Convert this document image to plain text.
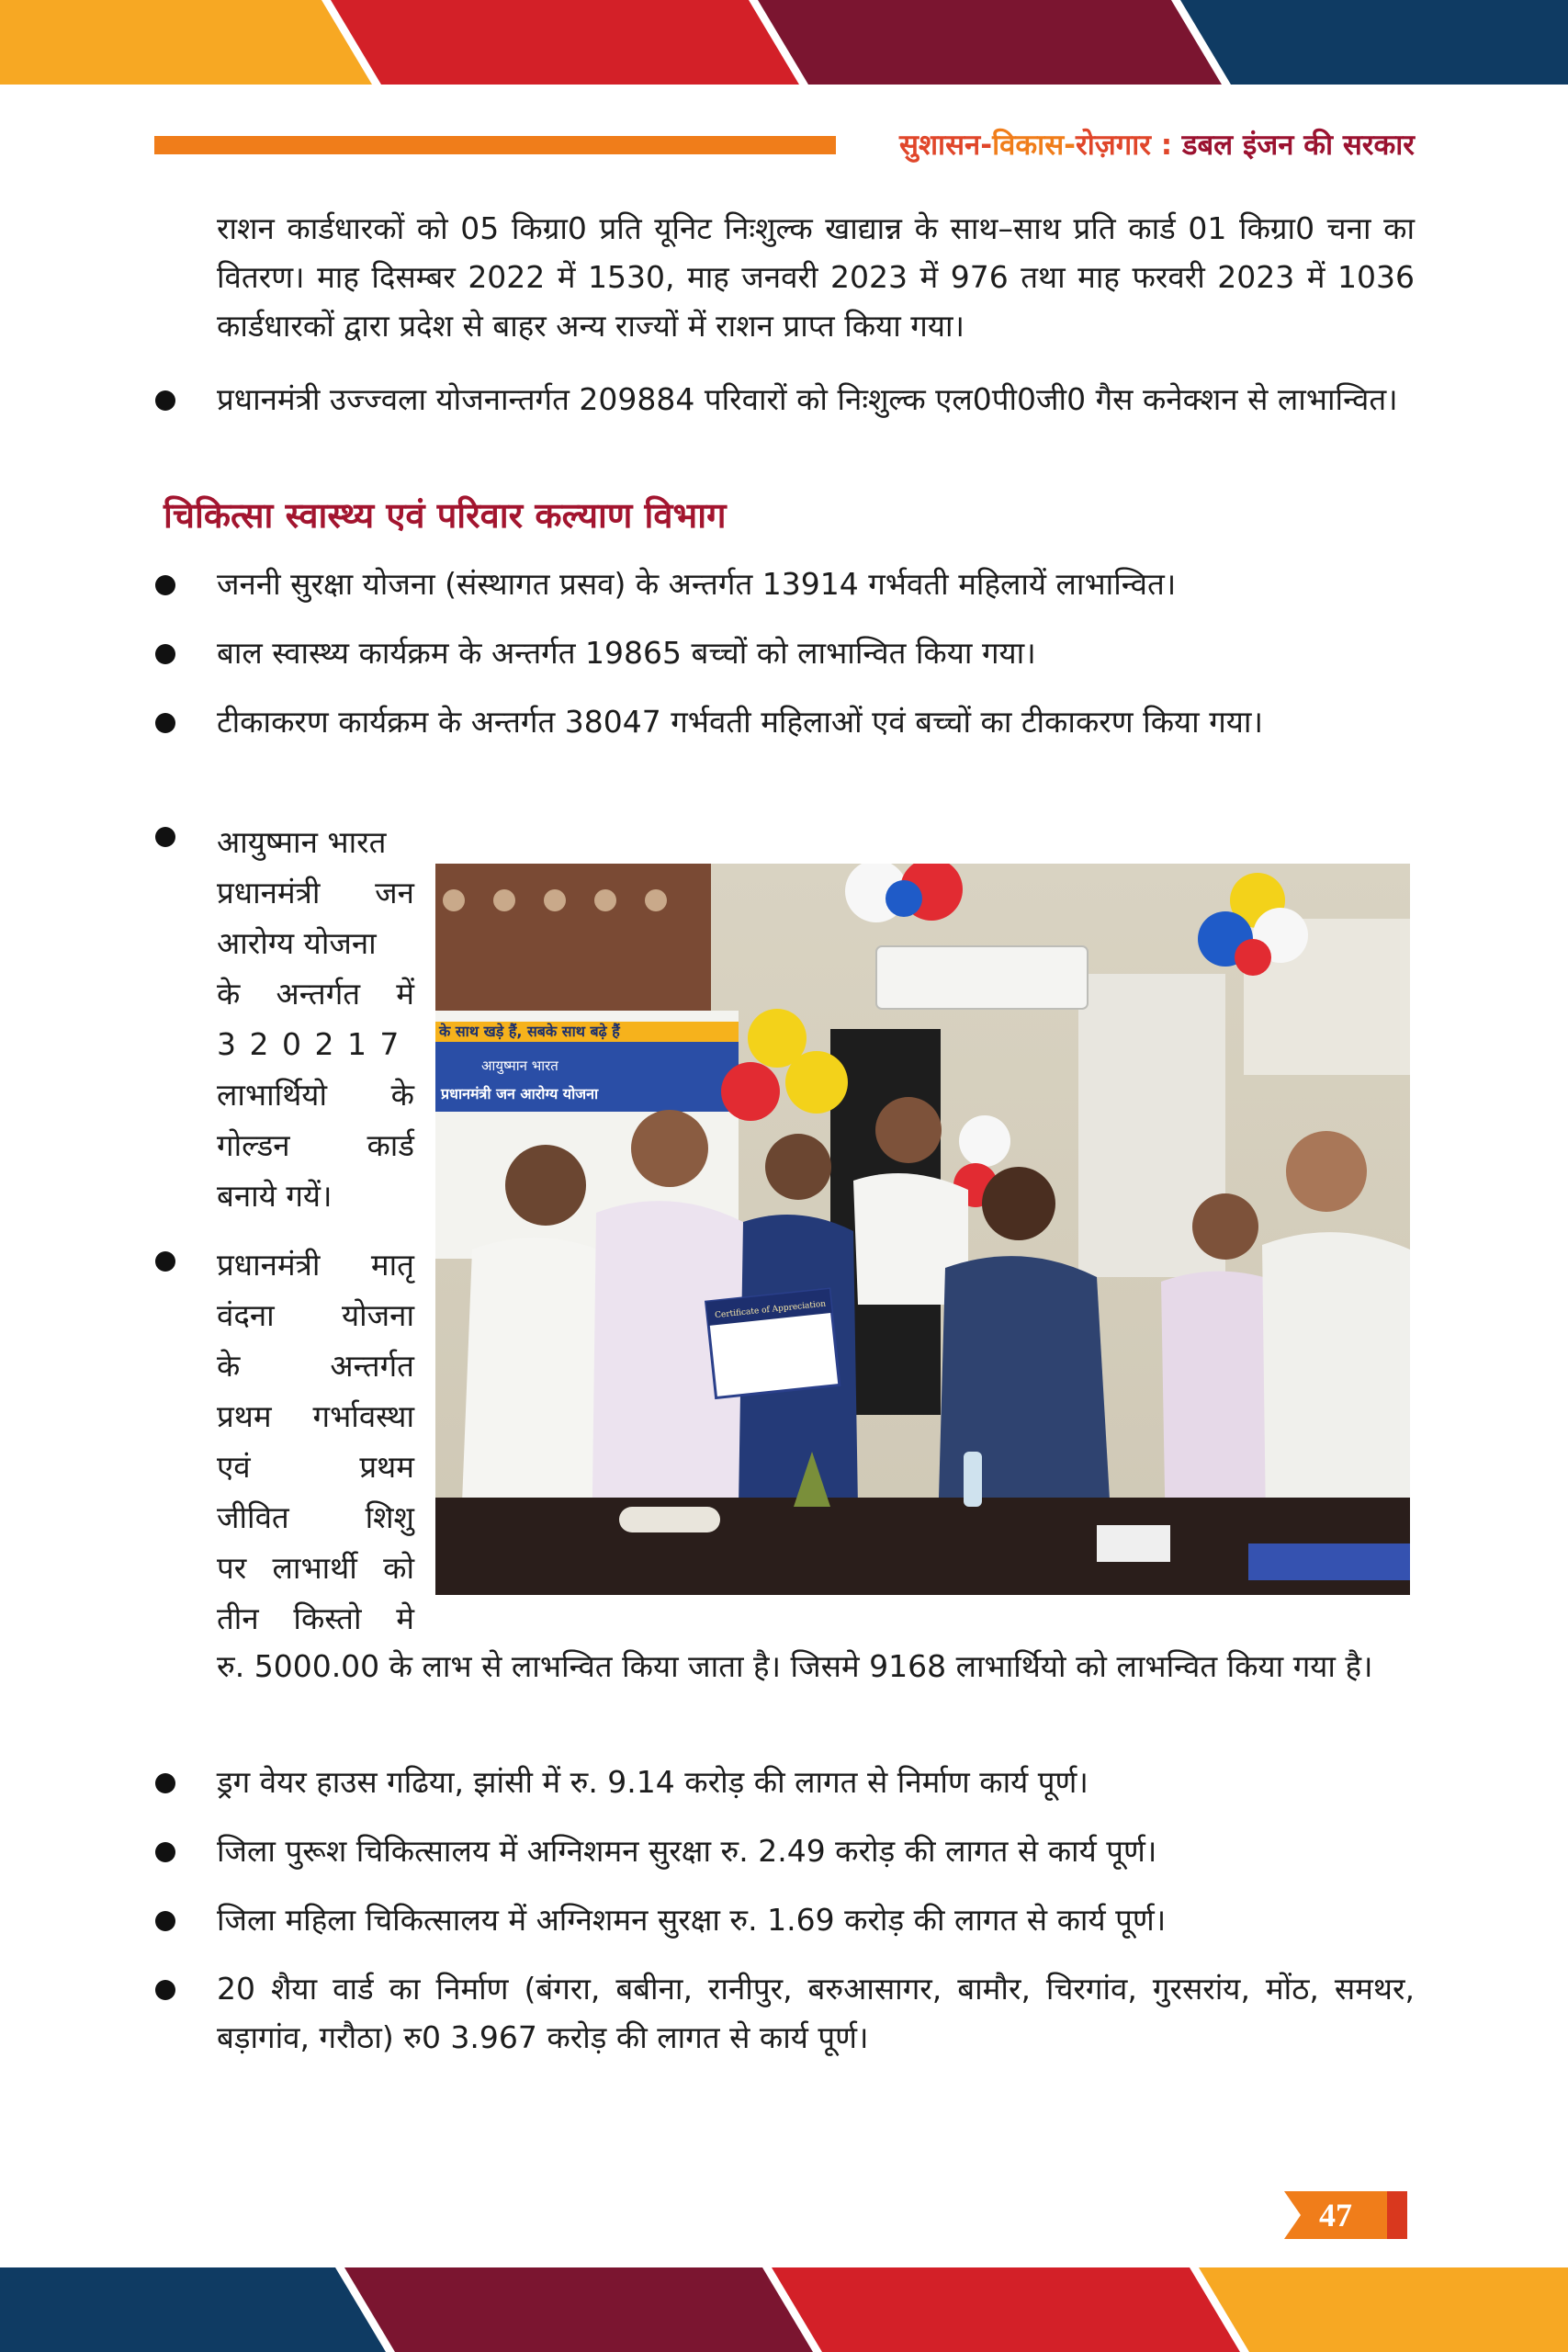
सुशासन-विकास-रोज़गार : डबल इंजन की सरकार
राशन कार्डधारकों को 05 किग्रा0 प्रति यूनिट निःशुल्क खाद्यान्न के साथ–साथ प्रति कार्ड 01 किग्रा0 चना का वितरण। माह दिसम्बर 2022 में 1530, माह जनवरी 2023 में 976 तथा माह फरवरी 2023 में 1036 कार्डधारकों द्वारा प्रदेश से बाहर अन्य राज्यों में राशन प्राप्त किया गया।
प्रधानमंत्री उज्ज्वला योजनान्तर्गत 209884 परिवारों को निःशुल्क एल0पी0जी0 गैस कनेक्शन से लाभान्वित।
चिकित्सा स्वास्थ्य एवं परिवार कल्याण विभाग
जननी सुरक्षा योजना (संस्थागत प्रसव) के अन्तर्गत 13914 गर्भवती महिलायें लाभान्वित।
बाल स्वास्थ्य कार्यक्रम के अन्तर्गत 19865 बच्चों को लाभान्वित किया गया।
टीकाकरण कार्यक्रम के अन्तर्गत 38047 गर्भवती महिलाओं एवं बच्चों का टीकाकरण किया गया।
आयुष्मान भारत
प्रधानमंत्री जन
आरोग्य योजना
के अन्तर्गत में
3 2 0 2 1 7
लाभार्थियो के
गोल्डन कार्ड
बनाये गयें।
प्रधानमंत्री मातृ
वंदना योजना
के अन्तर्गत
प्रथम गर्भावस्था
एवं प्रथम
जीवित शिशु
पर लाभार्थी को
तीन किस्तो मे
रु. 5000.00 के लाभ से लाभन्वित किया जाता है। जिसमे 9168 लाभार्थियो को लाभन्वित किया गया है।
के साथ खड़े हैं, सबके साथ बढ़े हैं
आयुष्मान भारत
प्रधानमंत्री जन आरोग्य योजना
Certificate of Appreciation
ड्रग वेयर हाउस गढिया, झांसी में रु. 9.14 करोड़ की लागत से निर्माण कार्य पूर्ण।
जिला पुरूश चिकित्सालय में अग्निशमन सुरक्षा रु. 2.49 करोड़ की लागत से कार्य पूर्ण।
जिला महिला चिकित्सालय में अग्निशमन सुरक्षा रु. 1.69 करोड़ की लागत से कार्य पूर्ण।
20 शैया वार्ड का निर्माण (बंगरा, बबीना, रानीपुर, बरुआसागर, बामौर, चिरगांव, गुरसरांय, मोंठ, समथर, बड़ागांव, गरौठा) रु0 3.967 करोड़ की लागत से कार्य पूर्ण।
47
